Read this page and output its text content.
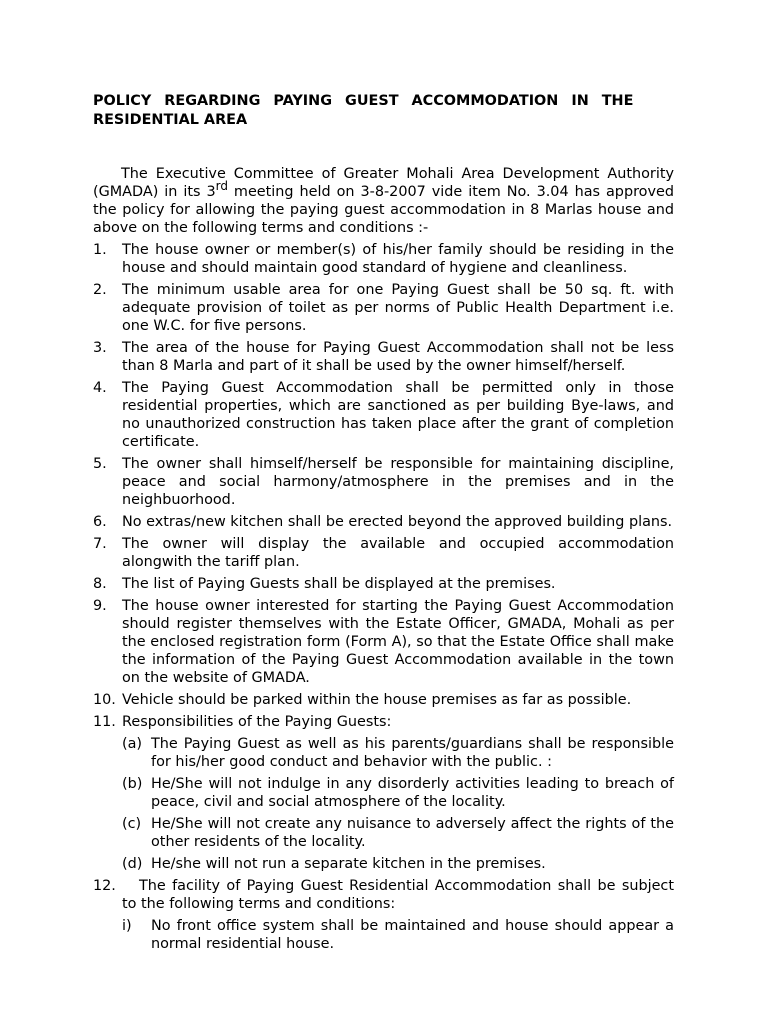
POLICY REGARDING PAYING GUEST ACCOMMODATION IN THE
RESIDENTIAL AREA

The Executive Committee of Greater Mohali Area Development Authority (GMADA) in its 3rd meeting held on 3-8-2007 vide item No. 3.04 has approved the policy for allowing the paying guest accommodation in 8 Marlas house and above on the following terms and conditions :-
1. The house owner or member(s) of his/her family should be residing in the house and should maintain good standard of hygiene and cleanliness.
2. The minimum usable area for one Paying Guest shall be 50 sq. ft. with adequate provision of toilet as per norms of Public Health Department i.e. one W.C. for five persons.
3. The area of the house for Paying Guest Accommodation shall not be less than 8 Marla and part of it shall be used by the owner himself/herself.
4. The Paying Guest Accommodation shall be permitted only in those residential properties, which are sanctioned as per building Bye-laws, and no unauthorized construction has taken place after the grant of completion certificate.
5. The owner shall himself/herself be responsible for maintaining discipline, peace and social harmony/atmosphere in the premises and in the neighbuorhood.
6. No extras/new kitchen shall be erected beyond the approved building plans.
7. The owner will display the available and occupied accommodation alongwith the tariff plan.
8. The list of Paying Guests shall be displayed at the premises.
9. The house owner interested for starting the Paying Guest Accommodation should register themselves with the Estate Officer, GMADA, Mohali as per the enclosed registration form (Form A), so that the Estate Office shall make the information of the Paying Guest Accommodation available in the town on the website of GMADA.
10. Vehicle should be parked within the house premises as far as possible.
11. Responsibilities of the Paying Guests:
(a) The Paying Guest as well as his parents/guardians shall be responsible for his/her good conduct and behavior with the public. :
(b) He/She will not indulge in any disorderly activities leading to breach of peace, civil and social atmosphere of the locality.
(c) He/She will not create any nuisance to adversely affect the rights of the other residents of the locality.
(d) He/she will not run a separate kitchen in the premises.
12.	The facility of Paying Guest Residential Accommodation shall be subject to the following terms and conditions:
i) No front office system shall be maintained and house should appear a normal residential house.
